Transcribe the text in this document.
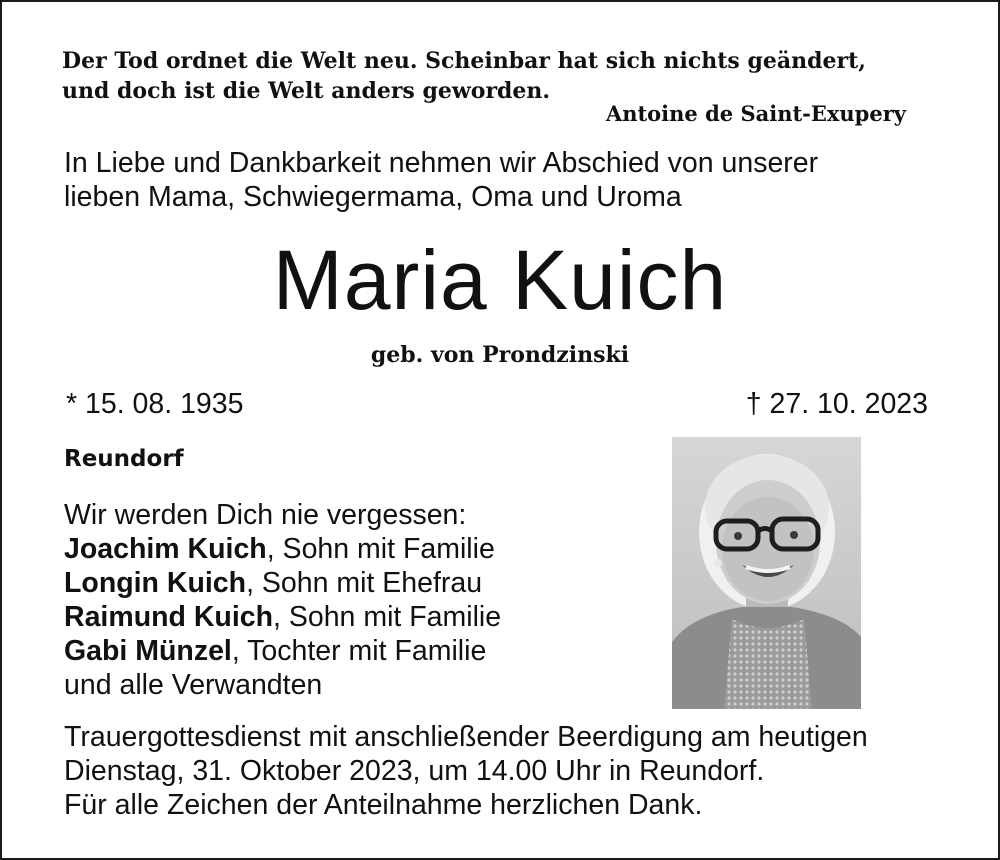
Der Tod ordnet die Welt neu. Scheinbar hat sich nichts geändert,
und doch ist die Welt anders geworden.
Antoine de Saint-Exupery
In Liebe und Dankbarkeit nehmen wir Abschied von unserer
lieben Mama, Schwiegermama, Oma und Uroma
Maria Kuich
geb. von Prondzinski
* 15. 08. 1935	† 27. 10. 2023
Reundorf
Wir werden Dich nie vergessen:
Joachim Kuich, Sohn mit Familie
Longin Kuich, Sohn mit Ehefrau
Raimund Kuich, Sohn mit Familie
Gabi Münzel, Tochter mit Familie
und alle Verwandten
Trauergottesdienst mit anschließender Beerdigung am heutigen
Dienstag, 31. Oktober 2023, um 14.00 Uhr in Reundorf.
Für alle Zeichen der Anteilnahme herzlichen Dank.
